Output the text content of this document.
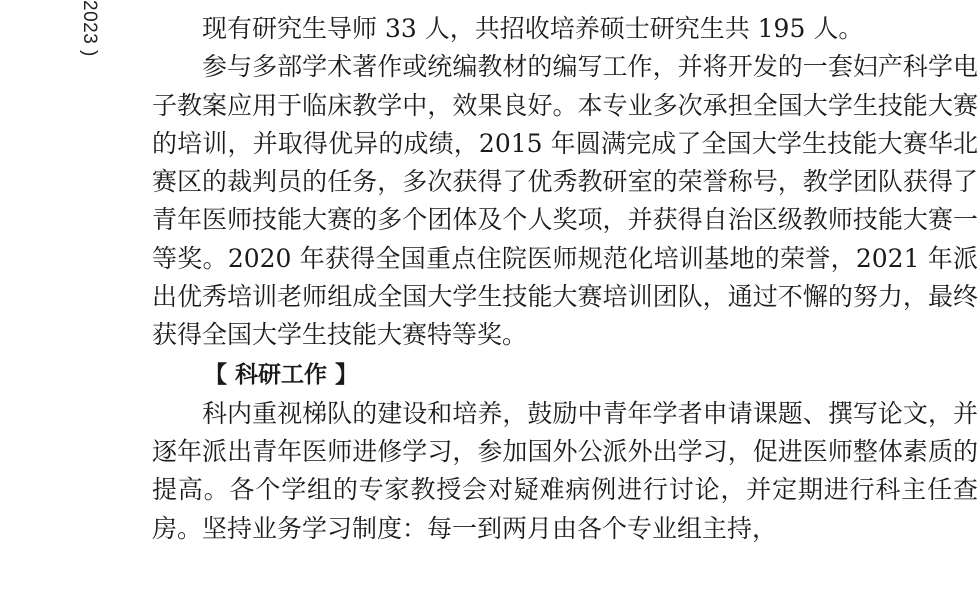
2023 )	现有研究生导师 33 人，共招收培养硕士研究生共 195 人。

参与多部学术著作或统编教材的编写工作，并将开发的一套妇产科学电子教案应用于临床教学中，效果良好。本专业多次承担全国大学生技能大赛的培训，并取得优异的成绩，2015 年圆满完成了全国大学生技能大赛华北赛区的裁判员的任务，多次获得了优秀教研室的荣誉称号，教学团队获得了青年医师技能大赛的多个团体及个人奖项，并获得自治区级教师技能大赛一等奖。2020 年获得全国重点住院医师规范化培训基地的荣誉，2021 年派出优秀培训老师组成全国大学生技能大赛培训团队，通过不懈的努力，最终获得全国大学生技能大赛特等奖。

【 科研工作 】

科内重视梯队的建设和培养，鼓励中青年学者申请课题、撰写论文，并逐年派出青年医师进修学习，参加国外公派外出学习，促进医师整体素质的提高。各个学组的专家教授会对疑难病例进行讨论，并定期进行科主任查房。坚持业务学习制度：每一到两月由各个专业组主持，
